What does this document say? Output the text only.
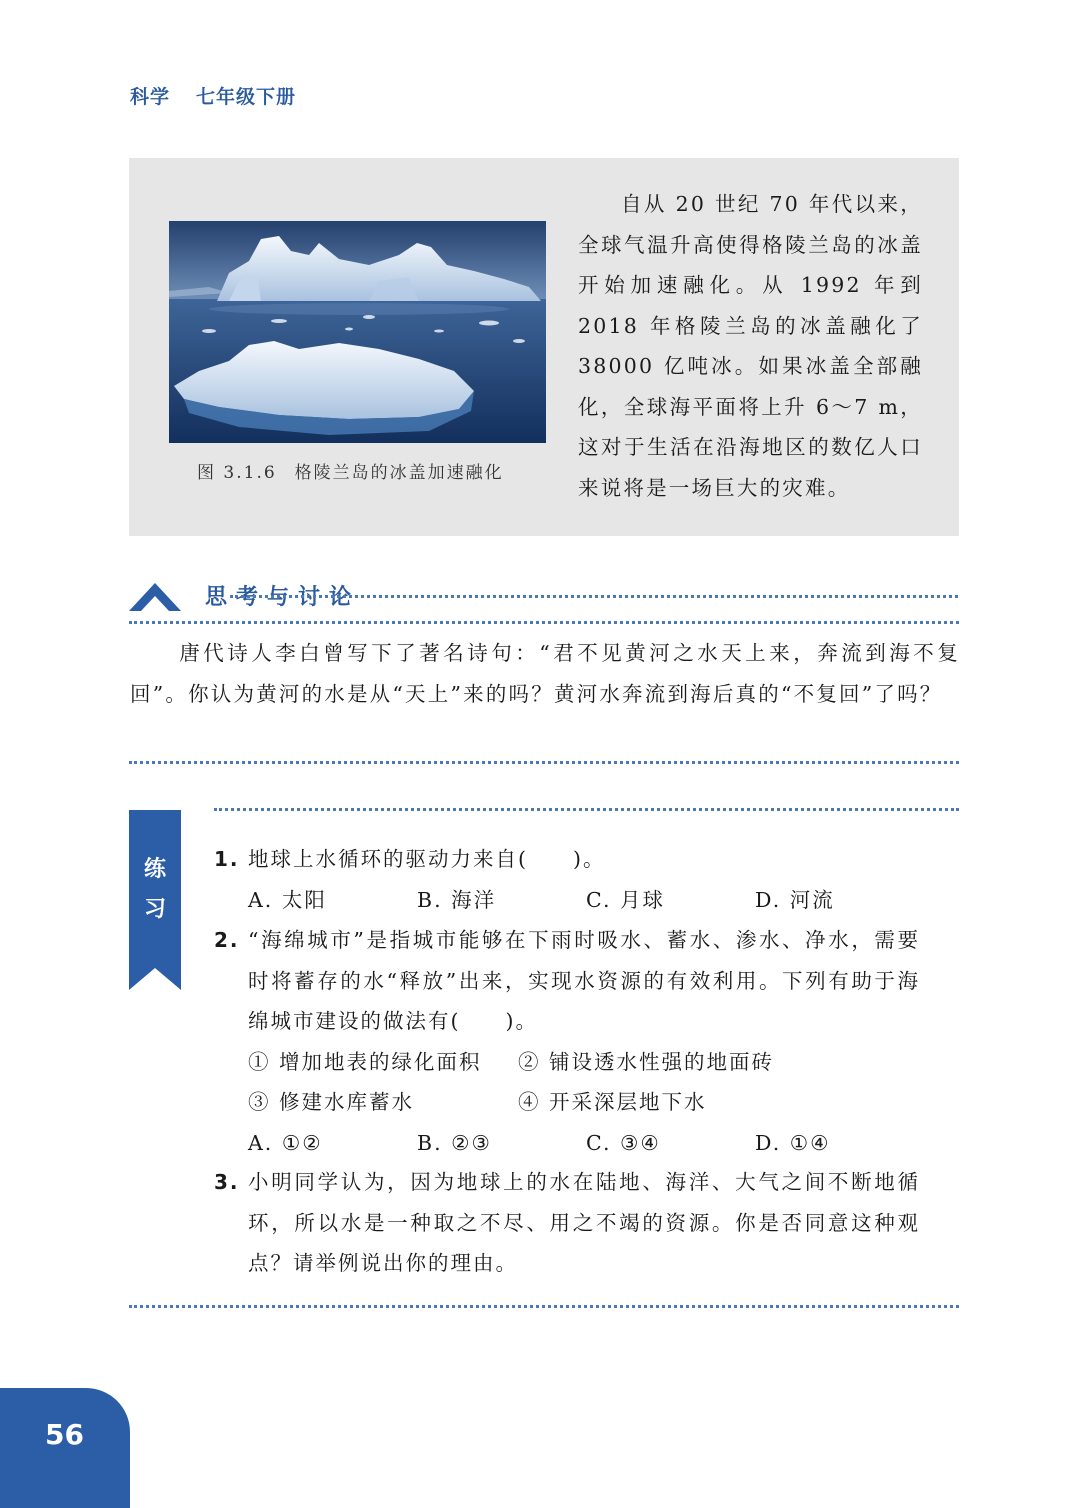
科学 七年级下册
图 3.1.6 格陵兰岛的冰盖加速融化

自从 20 世纪 70 年代以来，全球气温升高使得格陵兰岛的冰盖开始加速融化。从 1992 年到 2018 年格陵兰岛的冰盖融化了 38000 亿吨冰。如果冰盖全部融化，全球海平面将上升 6～7 m，这对于生活在沿海地区的数亿人口来说将是一场巨大的灾难。

思考与讨论

唐代诗人李白曾写下了著名诗句：“君不见黄河之水天上来，奔流到海不复回”。你认为黄河的水是从“天上”来的吗？黄河水奔流到海后真的“不复回”了吗？

练
习
1. 地球上水循环的驱动力来自(　　)。
A. 太阳	B. 海洋	C. 月球	D. 河流
2. “海绵城市”是指城市能够在下雨时吸水、蓄水、渗水、净水，需要时将蓄存的水“释放”出来，实现水资源的有效利用。下列有助于海绵城市建设的做法有(　　)。
① 增加地表的绿化面积	② 铺设透水性强的地面砖
③ 修建水库蓄水	④ 开采深层地下水
A. ①②	B. ②③	C. ③④	D. ①④
3. 小明同学认为，因为地球上的水在陆地、海洋、大气之间不断地循环，所以水是一种取之不尽、用之不竭的资源。你是否同意这种观点？请举例说出你的理由。
56
